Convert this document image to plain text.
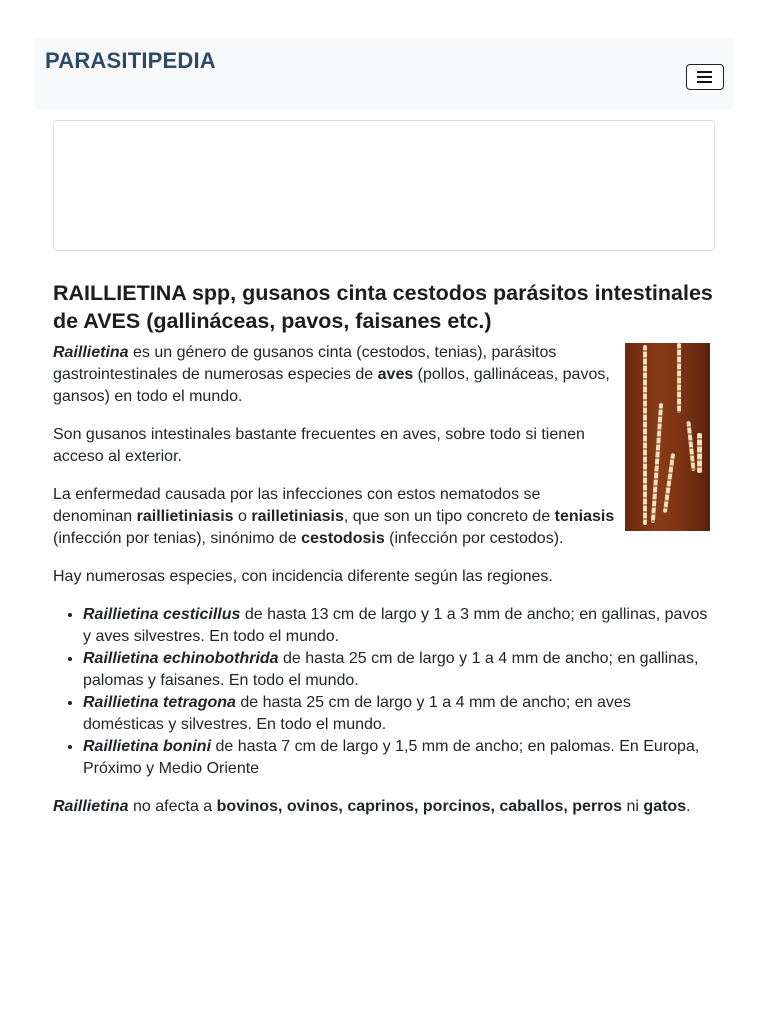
PARASITIPEDIA
RAILLIETINA spp, gusanos cinta cestodos parásitos intestinales de AVES (gallináceas, pavos, faisanes etc.)

Raillietina es un género de gusanos cinta (cestodos, tenias), parásitos gastrointestinales de numerosas especies de aves (pollos, gallináceas, pavos, gansos) en todo el mundo.

Son gusanos intestinales bastante frecuentes en aves, sobre todo si tienen acceso al exterior.

La enfermedad causada por las infecciones con estos nematodos se denominan raillietiniasis o railletiniasis, que son un tipo concreto de teniasis (infección por tenias), sinónimo de cestodosis (infección por cestodos).

Hay numerosas especies, con incidencia diferente según las regiones.

• Raillietina cesticillus de hasta 13 cm de largo y 1 a 3 mm de ancho; en gallinas, pavos y aves silvestres. En todo el mundo.
• Raillietina echinobothrida de hasta 25 cm de largo y 1 a 4 mm de ancho; en gallinas, palomas y faisanes. En todo el mundo.
• Raillietina tetragona de hasta 25 cm de largo y 1 a 4 mm de ancho; en aves domésticas y silvestres. En todo el mundo.
• Raillietina bonini de hasta 7 cm de largo y 1,5 mm de ancho; en palomas. En Europa, Próximo y Medio Oriente

Raillietina no afecta a bovinos, ovinos, caprinos, porcinos, caballos, perros ni gatos.
